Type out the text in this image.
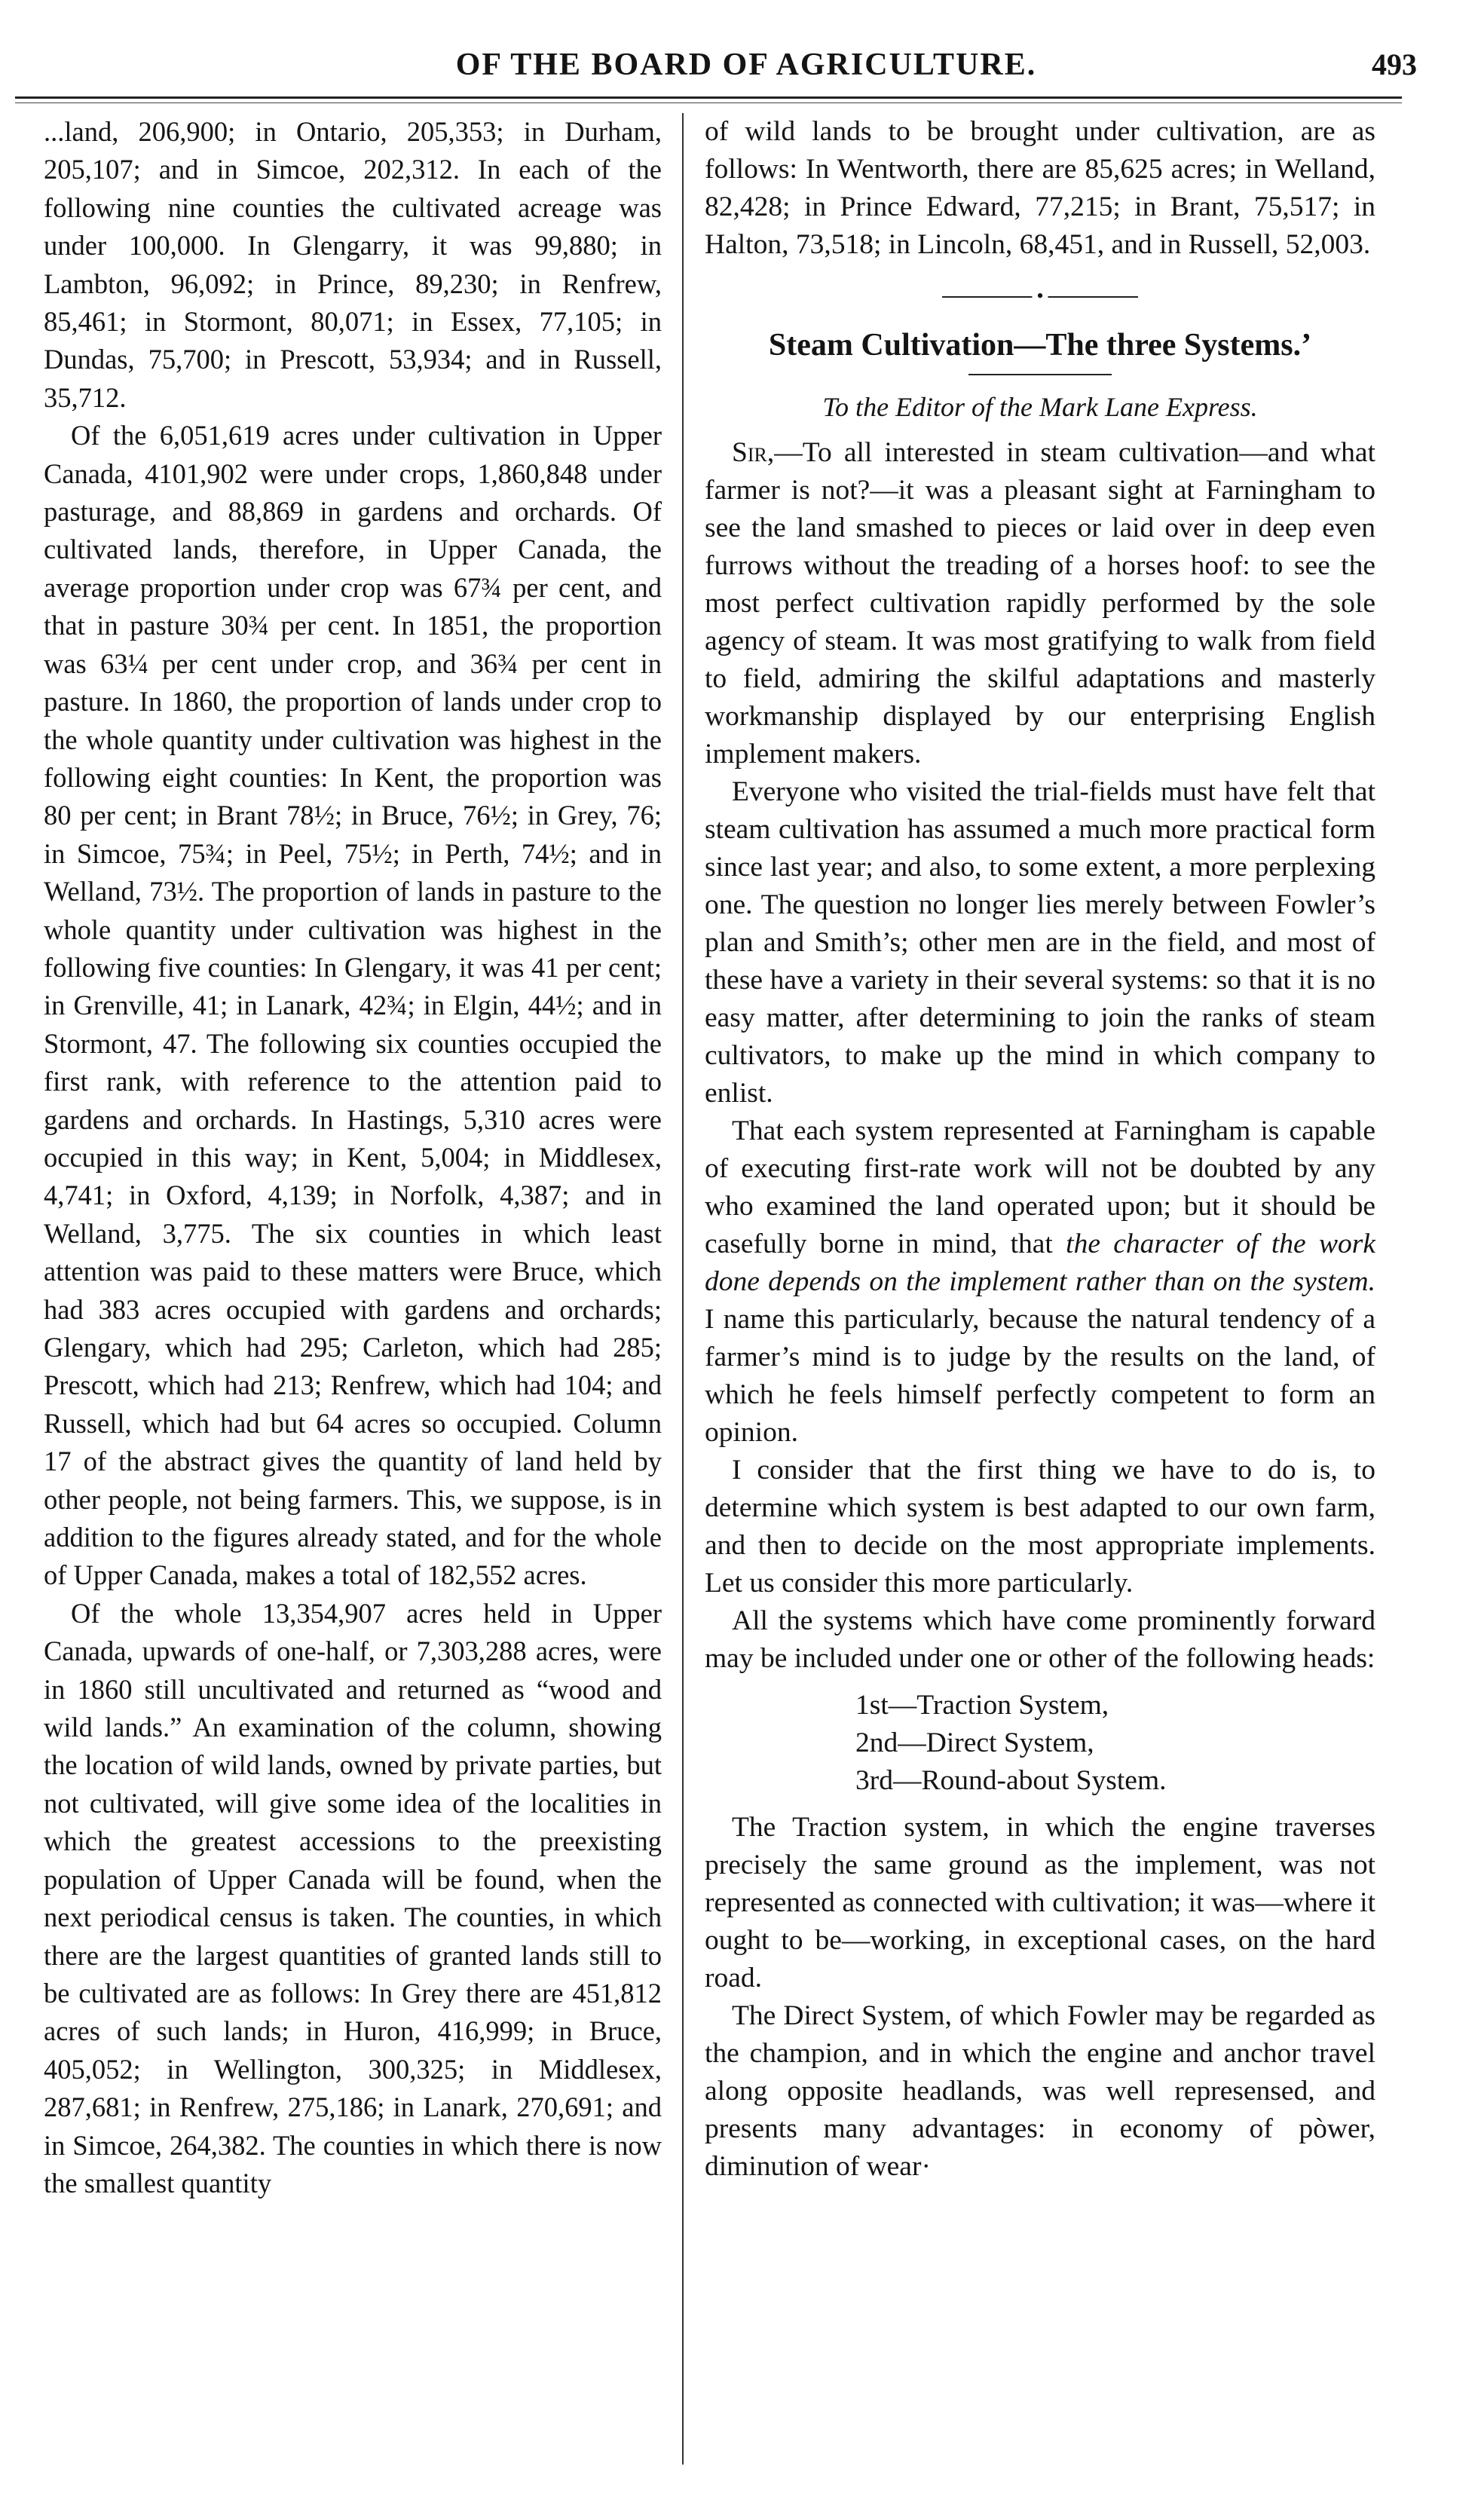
OF THE BOARD OF AGRICULTURE.	493

...land, 206,900; in Ontario, 205,353; in Durham, 205,107; and in Simcoe, 202,312. In each of the following nine counties the cultivated acreage was under 100,000. In Glengarry, it was 99,880; in Lambton, 96,092; in Prince, 89,230; in Renfrew, 85,461; in Stormont, 80,071; in Essex, 77,105; in Dundas, 75,700; in Prescott, 53,934; and in Russell, 35,712.

Of the 6,051,619 acres under cultivation in Upper Canada, 4101,902 were under crops, 1,860,848 under pasturage, and 88,869 in gardens and orchards. Of cultivated lands, therefore, in Upper Canada, the average proportion under crop was 67¾ per cent, and that in pasture 30¾ per cent. In 1851, the proportion was 63¼ per cent under crop, and 36¾ per cent in pasture. In 1860, the proportion of lands under crop to the whole quantity under cultivation was highest in the following eight counties: In Kent, the proportion was 80 per cent; in Brant 78½; in Bruce, 76½; in Grey, 76; in Simcoe, 75¾; in Peel, 75½; in Perth, 74½; and in Welland, 73½. The proportion of lands in pasture to the whole quantity under cultivation was highest in the following five counties: In Glengary, it was 41 per cent; in Grenville, 41; in Lanark, 42¾; in Elgin, 44½; and in Stormont, 47. The following six counties occupied the first rank, with reference to the attention paid to gardens and orchards. In Hastings, 5,310 acres were occupied in this way; in Kent, 5,004; in Middlesex, 4,741; in Oxford, 4,139; in Norfolk, 4,387; and in Welland, 3,775. The six counties in which least attention was paid to these matters were Bruce, which had 383 acres occupied with gardens and orchards; Glengary, which had 295; Carleton, which had 285; Prescott, which had 213; Renfrew, which had 104; and Russell, which had but 64 acres so occupied. Column 17 of the abstract gives the quantity of land held by other people, not being farmers. This, we suppose, is in addition to the figures already stated, and for the whole of Upper Canada, makes a total of 182,552 acres.

Of the whole 13,354,907 acres held in Upper Canada, upwards of one-half, or 7,303,288 acres, were in 1860 still uncultivated and returned as “wood and wild lands.” An examination of the column, showing the location of wild lands, owned by private parties, but not cultivated, will give some idea of the localities in which the greatest accessions to the preexisting population of Upper Canada will be found, when the next periodical census is taken. The counties, in which there are the largest quantities of granted lands still to be cultivated are as follows: In Grey there are 451,812 acres of such lands; in Huron, 416,999; in Bruce, 405,052; in Wellington, 300,325; in Middlesex, 287,681; in Renfrew, 275,186; in Lanark, 270,691; and in Simcoe, 264,382. The counties in which there is now the smallest quantity

of wild lands to be brought under cultivation, are as follows: In Wentworth, there are 85,625 acres; in Welland, 82,428; in Prince Edward, 77,215; in Brant, 75,517; in Halton, 73,518; in Lincoln, 68,451, and in Russell, 52,003.

•
Steam Cultivation—The three Systems.’
To the Editor of the Mark Lane Express.

Sir,—To all interested in steam cultivation—and what farmer is not?—it was a pleasant sight at Farningham to see the land smashed to pieces or laid over in deep even furrows without the treading of a horses hoof: to see the most perfect cultivation rapidly performed by the sole agency of steam. It was most gratifying to walk from field to field, admiring the skilful adaptations and masterly workmanship displayed by our enterprising English implement makers.

Everyone who visited the trial-fields must have felt that steam cultivation has assumed a much more practical form since last year; and also, to some extent, a more perplexing one. The question no longer lies merely between Fowler’s plan and Smith’s; other men are in the field, and most of these have a variety in their several systems: so that it is no easy matter, after determining to join the ranks of steam cultivators, to make up the mind in which company to enlist.

That each system represented at Farningham is capable of executing first-rate work will not be doubted by any who examined the land operated upon; but it should be casefully borne in mind, that the character of the work done depends on the implement rather than on the system. I name this particularly, because the natural tendency of a farmer’s mind is to judge by the results on the land, of which he feels himself perfectly competent to form an opinion.

I consider that the first thing we have to do is, to determine which system is best adapted to our own farm, and then to decide on the most appropriate implements. Let us consider this more particularly.

All the systems which have come prominently forward may be included under one or other of the following heads:

1st—Traction System,
2nd—Direct System,
3rd—Round-about System.

The Traction system, in which the engine traverses precisely the same ground as the implement, was not represented as connected with cultivation; it was—where it ought to be—working, in exceptional cases, on the hard road.

The Direct System, of which Fowler may be regarded as the champion, and in which the engine and anchor travel along opposite headlands, was well represensed, and presents many advantages: in economy of pòwer, diminution of wear·
